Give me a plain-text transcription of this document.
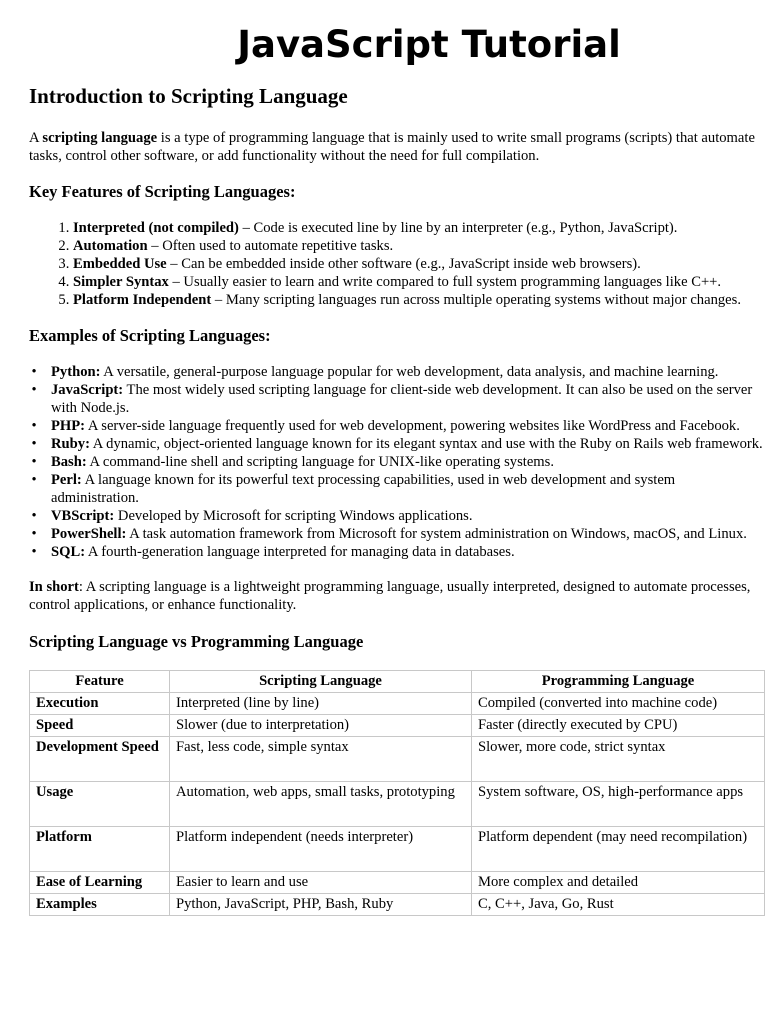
JavaScript Tutorial
Introduction to Scripting Language

A scripting language is a type of programming language that is mainly used to write small programs (scripts) that automate tasks, control other software, or add functionality without the need for full compilation.

Key Features of Scripting Languages:
1. Interpreted (not compiled) – Code is executed line by line by an interpreter (e.g., Python, JavaScript).
2. Automation – Often used to automate repetitive tasks.
3. Embedded Use – Can be embedded inside other software (e.g., JavaScript inside web browsers).
4. Simpler Syntax – Usually easier to learn and write compared to full system programming languages like C++.
5. Platform Independent – Many scripting languages run across multiple operating systems without major changes.
Examples of Scripting Languages:
• Python: A versatile, general-purpose language popular for web development, data analysis, and machine learning.
• JavaScript: The most widely used scripting language for client-side web development. It can also be used on the server with Node.js.
• PHP: A server-side language frequently used for web development, powering websites like WordPress and Facebook.
• Ruby: A dynamic, object-oriented language known for its elegant syntax and use with the Ruby on Rails web framework.
• Bash: A command-line shell and scripting language for UNIX-like operating systems.
• Perl: A language known for its powerful text processing capabilities, used in web development and system administration.
• VBScript: Developed by Microsoft for scripting Windows applications.
• PowerShell: A task automation framework from Microsoft for system administration on Windows, macOS, and Linux.
• SQL: A fourth-generation language interpreted for managing data in databases.

In short: A scripting language is a lightweight programming language, usually interpreted, designed to automate processes, control applications, or enhance functionality.

Scripting Language vs Programming Language
Feature	Scripting Language	Programming Language
Execution	Interpreted (line by line)	Compiled (converted into machine code)
Speed	Slower (due to interpretation)	Faster (directly executed by CPU)
Development Speed	Fast, less code, simple syntax	Slower, more code, strict syntax
Usage	Automation, web apps, small tasks, prototyping	System software, OS, high-performance apps
Platform	Platform independent (needs interpreter)	Platform dependent (may need recompilation)
Ease of Learning	Easier to learn and use	More complex and detailed
Examples	Python, JavaScript, PHP, Bash, Ruby	C, C++, Java, Go, Rust
